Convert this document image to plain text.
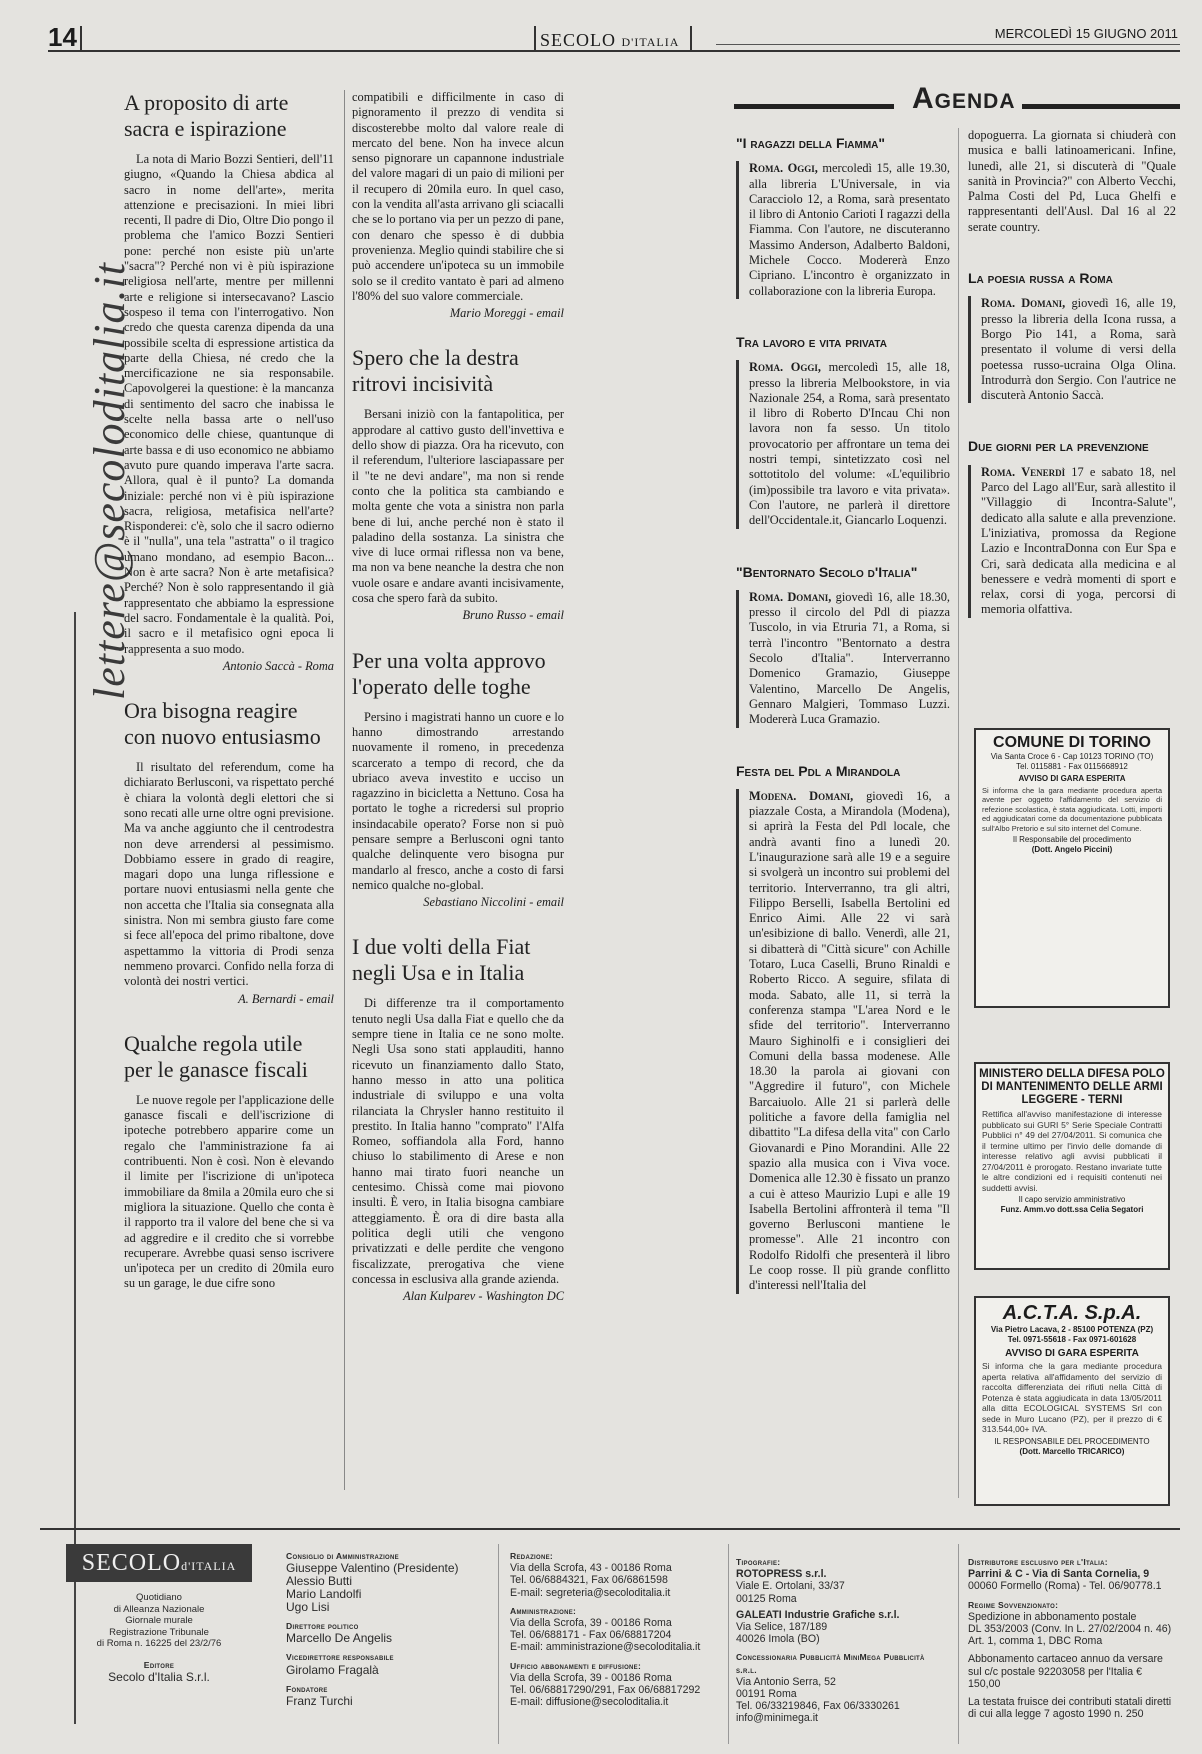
14	SECOLO D'ITALIA
MERCOLEDÌ 15 GIUGNO 2011
lettere@secoloditalia.it
A proposito di arte sacra e ispirazione

La nota di Mario Bozzi Sentieri, dell'11 giugno, «Quando la Chiesa abdica al sacro in nome dell'arte», merita attenzione e precisazioni. In miei libri recenti, Il padre di Dio, Oltre Dio pongo il problema che l'amico Bozzi Sentieri pone: perché non esiste più un'arte "sacra"? Perché non vi è più ispirazione religiosa nell'arte, mentre per millenni arte e religione si intersecavano? Lascio sospeso il tema con l'interrogativo. Non credo che questa carenza dipenda da una possibile scelta di espressione artistica da parte della Chiesa, né credo che la mercificazione ne sia responsabile. Capovolgerei la questione: è la mancanza di sentimento del sacro che inabissa le scelte nella bassa arte o nell'uso economico delle chiese, quantunque di arte bassa e di uso economico ne abbiamo avuto pure quando imperava l'arte sacra. Allora, qual è il punto? La domanda iniziale: perché non vi è più ispirazione sacra, religiosa, metafisica nell'arte? Risponderei: c'è, solo che il sacro odierno è il "nulla", una tela "astratta" o il tragico umano mondano, ad esempio Bacon... Non è arte sacra? Non è arte metafisica? Perché? Non è solo rappresentando il già rappresentato che abbiamo la espressione del sacro. Fondamentale è la qualità. Poi, il sacro e il metafisico ogni epoca li rappresenta a suo modo.

Antonio Saccà - Roma

Ora bisogna reagire con nuovo entusiasmo

Il risultato del referendum, come ha dichiarato Berlusconi, va rispettato perché è chiara la volontà degli elettori che si sono recati alle urne oltre ogni previsione. Ma va anche aggiunto che il centrodestra non deve arrendersi al pessimismo. Dobbiamo essere in grado di reagire, magari dopo una lunga riflessione e portare nuovi entusiasmi nella gente che non accetta che l'Italia sia consegnata alla sinistra. Non mi sembra giusto fare come si fece all'epoca del primo ribaltone, dove aspettammo la vittoria di Prodi senza nemmeno provarci. Confido nella forza di volontà dei nostri vertici.

A. Bernardi - email

Qualche regola utile per le ganasce fiscali

Le nuove regole per l'applicazione delle ganasce fiscali e dell'iscrizione di ipoteche potrebbero apparire come un regalo che l'amministrazione fa ai contribuenti. Non è così. Non è elevando il limite per l'iscrizione di un'ipoteca immobiliare da 8mila a 20mila euro che si migliora la situazione. Quello che conta è il rapporto tra il valore del bene che si va ad aggredire e il credito che si vorrebbe recuperare. Avrebbe quasi senso iscrivere un'ipoteca per un credito di 20mila euro su un garage, le due cifre sono

compatibili e difficilmente in caso di pignoramento il prezzo di vendita si discosterebbe molto dal valore reale di mercato del bene. Non ha invece alcun senso pignorare un capannone industriale del valore magari di un paio di milioni per il recupero di 20mila euro. In quel caso, con la vendita all'asta arrivano gli sciacalli che se lo portano via per un pezzo di pane, con denaro che spesso è di dubbia provenienza. Meglio quindi stabilire che si può accendere un'ipoteca su un immobile solo se il credito vantato è pari ad almeno l'80% del suo valore commerciale.

Mario Moreggi - email

Spero che la destra ritrovi incisività

Bersani iniziò con la fantapolitica, per approdare al cattivo gusto dell'invettiva e dello show di piazza. Ora ha ricevuto, con il referendum, l'ulteriore lasciapassare per il "te ne devi andare", ma non si rende conto che la politica sta cambiando e molta gente che vota a sinistra non parla bene di lui, anche perché non è stato il paladino della sostanza. La sinistra che vive di luce ormai riflessa non va bene, ma non va bene neanche la destra che non vuole osare e andare avanti incisivamente, cosa che spero farà da subito.

Bruno Russo - email

Per una volta approvo l'operato delle toghe

Persino i magistrati hanno un cuore e lo hanno dimostrando arrestando nuovamente il romeno, in precedenza scarcerato a tempo di record, che da ubriaco aveva investito e ucciso un ragazzino in bicicletta a Nettuno. Cosa ha portato le toghe a ricredersi sul proprio insindacabile operato? Forse non si può pensare sempre a Berlusconi ogni tanto qualche delinquente vero bisogna pur mandarlo al fresco, anche a costo di farsi nemico qualche no-global.

Sebastiano Niccolini - email

I due volti della Fiat negli Usa e in Italia

Di differenze tra il comportamento tenuto negli Usa dalla Fiat e quello che da sempre tiene in Italia ce ne sono molte. Negli Usa sono stati applauditi, hanno ricevuto un finanziamento dallo Stato, hanno messo in atto una politica industriale di sviluppo e una volta rilanciata la Chrysler hanno restituito il prestito. In Italia hanno "comprato" l'Alfa Romeo, soffiandola alla Ford, hanno chiuso lo stabilimento di Arese e non hanno mai tirato fuori neanche un centesimo. Chissà come mai piovono insulti. È vero, in Italia bisogna cambiare atteggiamento. È ora di dire basta alla politica degli utili che vengono privatizzati e delle perdite che vengono fiscalizzate, prerogativa che viene concessa in esclusiva alla grande azienda.

Alan Kulparev - Washington DC

Agenda
"I ragazzi della Fiamma"

Roma. Oggi, mercoledì 15, alle 19.30, alla libreria L'Universale, in via Caracciolo 12, a Roma, sarà presentato il libro di Antonio Carioti I ragazzi della Fiamma. Con l'autore, ne discuteranno Massimo Anderson, Adalberto Baldoni, Michele Cocco. Modererà Enzo Cipriano. L'incontro è organizzato in collaborazione con la libreria Europa.

Tra lavoro e vita privata

Roma. Oggi, mercoledì 15, alle 18, presso la libreria Melbookstore, in via Nazionale 254, a Roma, sarà presentato il libro di Roberto D'Incau Chi non lavora non fa sesso. Un titolo provocatorio per affrontare un tema dei nostri tempi, sintetizzato così nel sottotitolo del volume: «L'equilibrio (im)possibile tra lavoro e vita privata». Con l'autore, ne parlerà il direttore dell'Occidentale.it, Giancarlo Loquenzi.

"Bentornato Secolo d'Italia"

Roma. Domani, giovedì 16, alle 18.30, presso il circolo del Pdl di piazza Tuscolo, in via Etruria 71, a Roma, si terrà l'incontro "Bentornato a destra Secolo d'Italia". Interverranno Domenico Gramazio, Giuseppe Valentino, Marcello De Angelis, Gennaro Malgieri, Tommaso Luzzi. Modererà Luca Gramazio.

Festa del Pdl a Mirandola

Modena. Domani, giovedì 16, a piazzale Costa, a Mirandola (Modena), si aprirà la Festa del Pdl locale, che andrà avanti fino a lunedì 20. L'inaugurazione sarà alle 19 e a seguire si svolgerà un incontro sui problemi del territorio. Interverranno, tra gli altri, Filippo Berselli, Isabella Bertolini ed Enrico Aimi. Alle 22 vi sarà un'esibizione di ballo. Venerdì, alle 21, si dibatterà di "Città sicure" con Achille Totaro, Luca Caselli, Bruno Rinaldi e Roberto Ricco. A seguire, sfilata di moda. Sabato, alle 11, si terrà la conferenza stampa "L'area Nord e le sfide del territorio". Interverranno Mauro Sighinolfi e i consiglieri dei Comuni della bassa modenese. Alle 18.30 la parola ai giovani con "Aggredire il futuro", con Michele Barcaiuolo. Alle 21 si parlerà delle politiche a favore della famiglia nel dibattito "La difesa della vita" con Carlo Giovanardi e Pino Morandini. Alle 22 spazio alla musica con i Viva voce. Domenica alle 12.30 è fissato un pranzo a cui è atteso Maurizio Lupi e alle 19 Isabella Bertolini affronterà il tema "Il governo Berlusconi mantiene le promesse". Alle 21 incontro con Rodolfo Ridolfi che presenterà il libro Le coop rosse. Il più grande conflitto d'interessi nell'Italia del

dopoguerra. La giornata si chiuderà con musica e balli latinoamericani. Infine, lunedì, alle 21, si discuterà di "Quale sanità in Provincia?" con Alberto Vecchi, Palma Costi del Pd, Luca Ghelfi e rappresentanti dell'Ausl. Dal 16 al 22 serate country.

La poesia russa a Roma

Roma. Domani, giovedì 16, alle 19, presso la libreria della Icona russa, a Borgo Pio 141, a Roma, sarà presentato il volume di versi della poetessa russo-ucraina Olga Olina. Introdurrà don Sergio. Con l'autrice ne discuterà Antonio Saccà.

Due giorni per la prevenzione

Roma. Venerdì 17 e sabato 18, nel Parco del Lago all'Eur, sarà allestito il "Villaggio di Incontra-Salute", dedicato alla salute e alla prevenzione. L'iniziativa, promossa da Regione Lazio e IncontraDonna con Eur Spa e Cri, sarà dedicata alla medicina e al benessere e vedrà momenti di sport e relax, corsi di yoga, percorsi di memoria olfattiva.

COMUNE DI TORINO
Via Santa Croce 6 - Cap 10123 TORINO (TO)
Tel. 0115881 - Fax 0115668912
AVVISO DI GARA ESPERITA
Si informa che la gara mediante procedura aperta avente per oggetto l'affidamento del servizio di refezione scolastica, è stata aggiudicata. Lotti, importi ed aggiudicatari come da documentazione pubblicata sull'Albo Pretorio e sul sito internet del Comune.
Il Responsabile del procedimento
(Dott. Angelo Piccini)
MINISTERO DELLA DIFESA POLO DI MANTENIMENTO DELLE ARMI LEGGERE - TERNI
Rettifica all'avviso manifestazione di interesse pubblicato sui GURI 5° Serie Speciale Contratti Pubblici n° 49 del 27/04/2011. Si comunica che il termine ultimo per l'invio delle domande di interesse relativo agli avvisi pubblicati il 27/04/2011 è prorogato. Restano invariate tutte le altre condizioni ed i requisiti contenuti nei suddetti avvisi.
Il capo servizio amministrativo
Funz. Amm.vo dott.ssa Celia Segatori
A.C.T.A. S.p.A.
Via Pietro Lacava, 2 - 85100 POTENZA (PZ)
Tel. 0971-55618 - Fax 0971-601628
AVVISO DI GARA ESPERITA
Si informa che la gara mediante procedura aperta relativa all'affidamento del servizio di raccolta differenziata dei rifiuti nella Città di Potenza è stata aggiudicata in data 13/05/2011 alla ditta ECOLOGICAL SYSTEMS Srl con sede in Muro Lucano (PZ), per il prezzo di € 313.544,00+ IVA.
IL RESPONSABILE DEL PROCEDIMENTO
(Dott. Marcello TRICARICO)
SECOLOd'ITALIA
Quotidiano
di Alleanza Nazionale
Giornale murale
Registrazione Tribunale
di Roma n. 16225 del 23/2/76
Editore
Secolo d'Italia S.r.l.
Consiglio di Amministrazione
Giuseppe Valentino (Presidente)
Alessio Butti
Mario Landolfi
Ugo Lisi
Direttore politico
Marcello De Angelis
Vicedirettore responsabile
Girolamo Fragalà
Fondatore
Franz Turchi
Redazione:
Via della Scrofa, 43 - 00186 Roma
Tel. 06/6884321, Fax 06/6861598
E-mail: segreteria@secoloditalia.it
Amministrazione:
Via della Scrofa, 39 - 00186 Roma
Tel. 06/688171 - Fax 06/68817204
E-mail: amministrazione@secoloditalia.it
Ufficio abbonamenti e diffusione:
Via della Scrofa, 39 - 00186 Roma
Tel. 06/68817290/291, Fax 06/68817292
E-mail: diffusione@secoloditalia.it
Tipografie:
ROTOPRESS s.r.l.
Viale E. Ortolani, 33/37
00125 Roma
GALEATI Industrie Grafiche s.r.l.
Via Selice, 187/189
40026 Imola (BO)
Concessionaria Pubblicità MiniMega Pubblicità s.r.l.
Via Antonio Serra, 52
00191 Roma
Tel. 06/33219846, Fax 06/3330261
info@minimega.it
Distributore esclusivo per l'Italia:
Parrini & C - Via di Santa Cornelia, 9
00060 Formello (Roma) - Tel. 06/90778.1
Regime Sovvenzionato:
Spedizione in abbonamento postale
DL 353/2003 (Conv. In L. 27/02/2004 n. 46)
Art. 1, comma 1, DBC Roma
Abbonamento cartaceo annuo da versare sul c/c postale 92203058 per l'Italia € 150,00
La testata fruisce dei contributi statali diretti di cui alla legge 7 agosto 1990 n. 250
